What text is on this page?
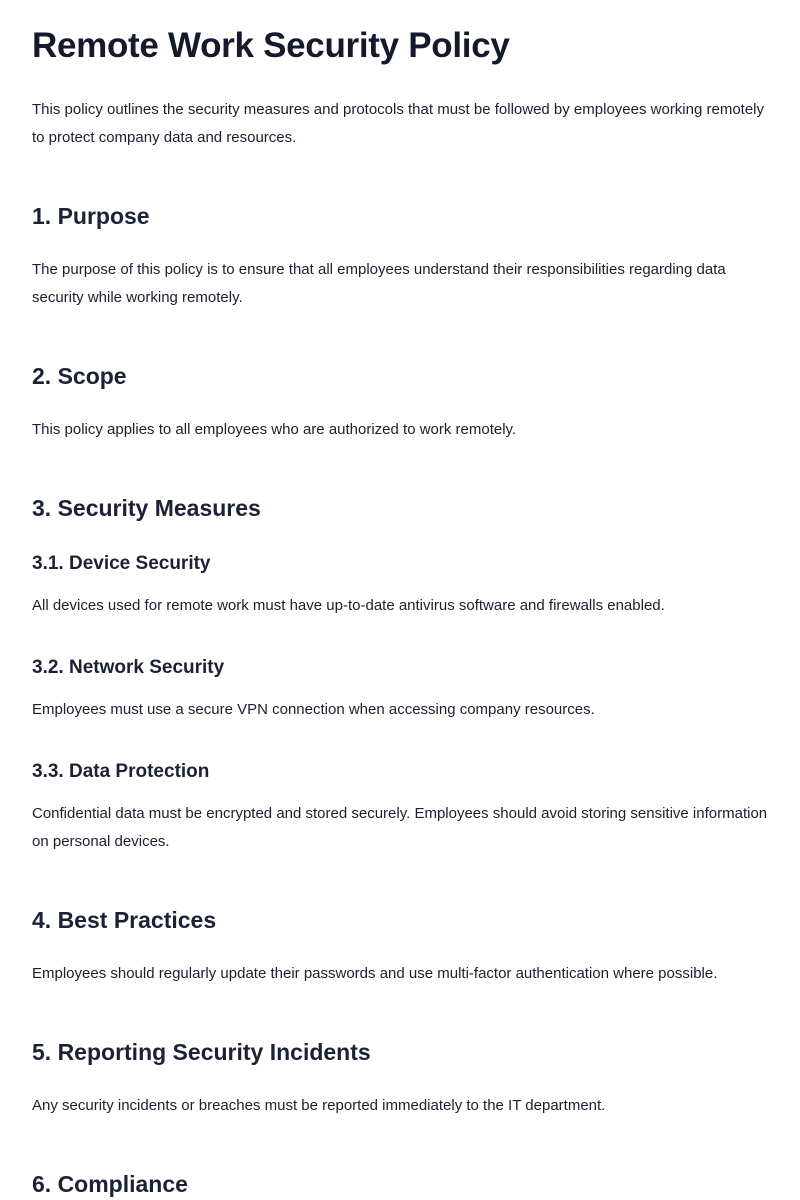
Remote Work Security Policy

This policy outlines the security measures and protocols that must be followed by employees working remotely to protect company data and resources.

1. Purpose

The purpose of this policy is to ensure that all employees understand their responsibilities regarding data security while working remotely.

2. Scope

This policy applies to all employees who are authorized to work remotely.

3. Security Measures
3.1. Device Security

All devices used for remote work must have up-to-date antivirus software and firewalls enabled.

3.2. Network Security

Employees must use a secure VPN connection when accessing company resources.

3.3. Data Protection

Confidential data must be encrypted and stored securely. Employees should avoid storing sensitive information on personal devices.

4. Best Practices

Employees should regularly update their passwords and use multi-factor authentication where possible.

5. Reporting Security Incidents

Any security incidents or breaches must be reported immediately to the IT department.

6. Compliance
